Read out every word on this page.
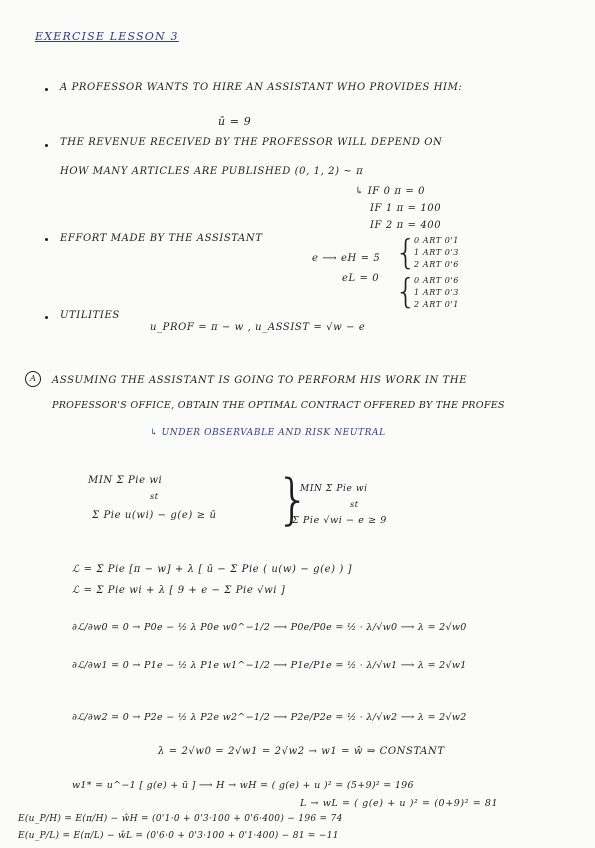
EXERCISE LESSON 3
A PROFESSOR WANTS TO HIRE AN ASSISTANT WHO PROVIDES HIM:
ū = 9
THE REVENUE RECEIVED BY THE PROFESSOR WILL DEPEND ON
HOW MANY ARTICLES ARE PUBLISHED (0, 1, 2) ~ π
↳ IF 0 π = 0
IF 1 π = 100
IF 2 π = 400
EFFORT MADE BY THE ASSISTANT
e ⟶ eH = 5
eL = 0
{
0 ART 0'1
1 ART 0'3
2 ART 0'6
{
0 ART 0'6
1 ART 0'3
2 ART 0'1
UTILITIES
u_PROF = π − w , u_ASSIST = √w − e
A	ASSUMING THE ASSISTANT IS GOING TO PERFORM HIS WORK IN THE
PROFESSOR'S OFFICE, OBTAIN THE OPTIMAL CONTRACT OFFERED BY THE PROFES
↳ UNDER OBSERVABLE AND RISK NEUTRAL
MIN Σ Pie wi
st
Σ Pie u(wi) − g(e) ≥ ū {
MIN Σ Pie wi
st
Σ Pie √wi − e ≥ 9
ℒ = Σ Pie [π − w] + λ [ ū − Σ Pie ( u(w) − g(e) ) ]
ℒ = Σ Pie wi + λ [ 9 + e − Σ Pie √wi ]
∂ℒ/∂w0 = 0 → P0e − ½ λ P0e w0^−1/2 ⟶ P0e/P0e = ½ · λ/√w0 ⟶ λ = 2√w0
∂ℒ/∂w1 = 0 → P1e − ½ λ P1e w1^−1/2 ⟶ P1e/P1e = ½ · λ/√w1 ⟶ λ = 2√w1
∂ℒ/∂w2 = 0 → P2e − ½ λ P2e w2^−1/2 ⟶ P2e/P2e = ½ · λ/√w2 ⟶ λ = 2√w2
λ = 2√w0 = 2√w1 = 2√w2 → w1 = ŵ ⇒ CONSTANT
w1* = u^−1 [ g(e) + ū ] ⟶ H → wH = ( g(e) + u )² = (5+9)² = 196
L → wL = ( g(e) + u )² = (0+9)² = 81
E(u_P/H) = E(π/H) − ŵH = (0'1·0 + 0'3·100 + 0'6·400) − 196 = 74
E(u_P/L) = E(π/L) − ŵL = (0'6·0 + 0'3·100 + 0'1·400) − 81 = −11
